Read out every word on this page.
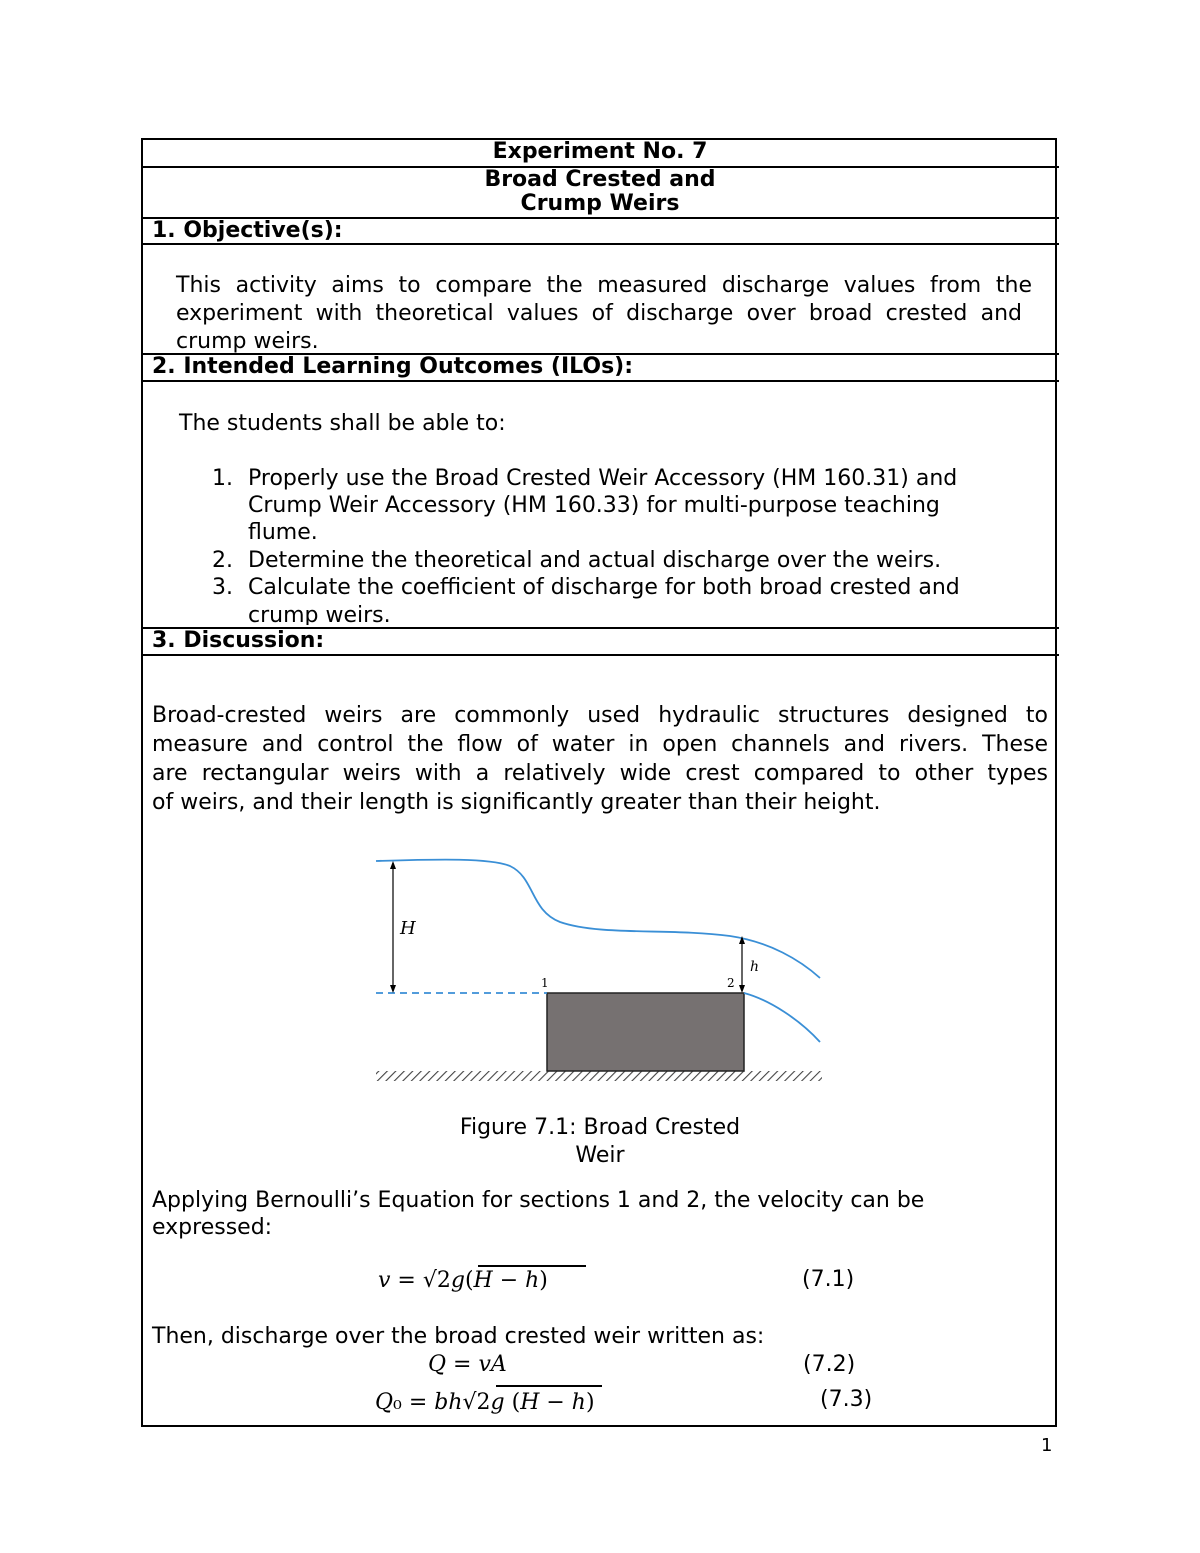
Experiment No. 7
Broad Crested and
Crump Weirs
1. Objective(s):
This activity aims to compare the measured discharge values from the
experiment with theoretical values of discharge over broad crested and
crump weirs.
2. Intended Learning Outcomes (ILOs):
The students shall be able to:
1. Properly use the Broad Crested Weir Accessory (HM 160.31) and
Crump Weir Accessory (HM 160.33) for multi-purpose teaching
flume.
2. Determine the theoretical and actual discharge over the weirs.
3. Calculate the coefficient of discharge for both broad crested and
crump weirs.
3. Discussion:
Broad-crested weirs are commonly used hydraulic structures designed to
measure and control the flow of water in open channels and rivers. These
are rectangular weirs with a relatively wide crest compared to other types
of weirs, and their length is significantly greater than their height.
H
h
1	2
Figure 7.1: Broad Crested
Weir
Applying Bernoulli’s Equation for sections 1 and 2, the velocity can be
expressed:
𝑣 = √2𝑔(𝐻 − ℎ)	(7.1)
Then, discharge over the broad crested weir written as:
𝑄 = 𝑣𝐴	(7.2)
𝑄₀ = 𝑏ℎ√2𝑔 (𝐻 − ℎ)	(7.3)
1
